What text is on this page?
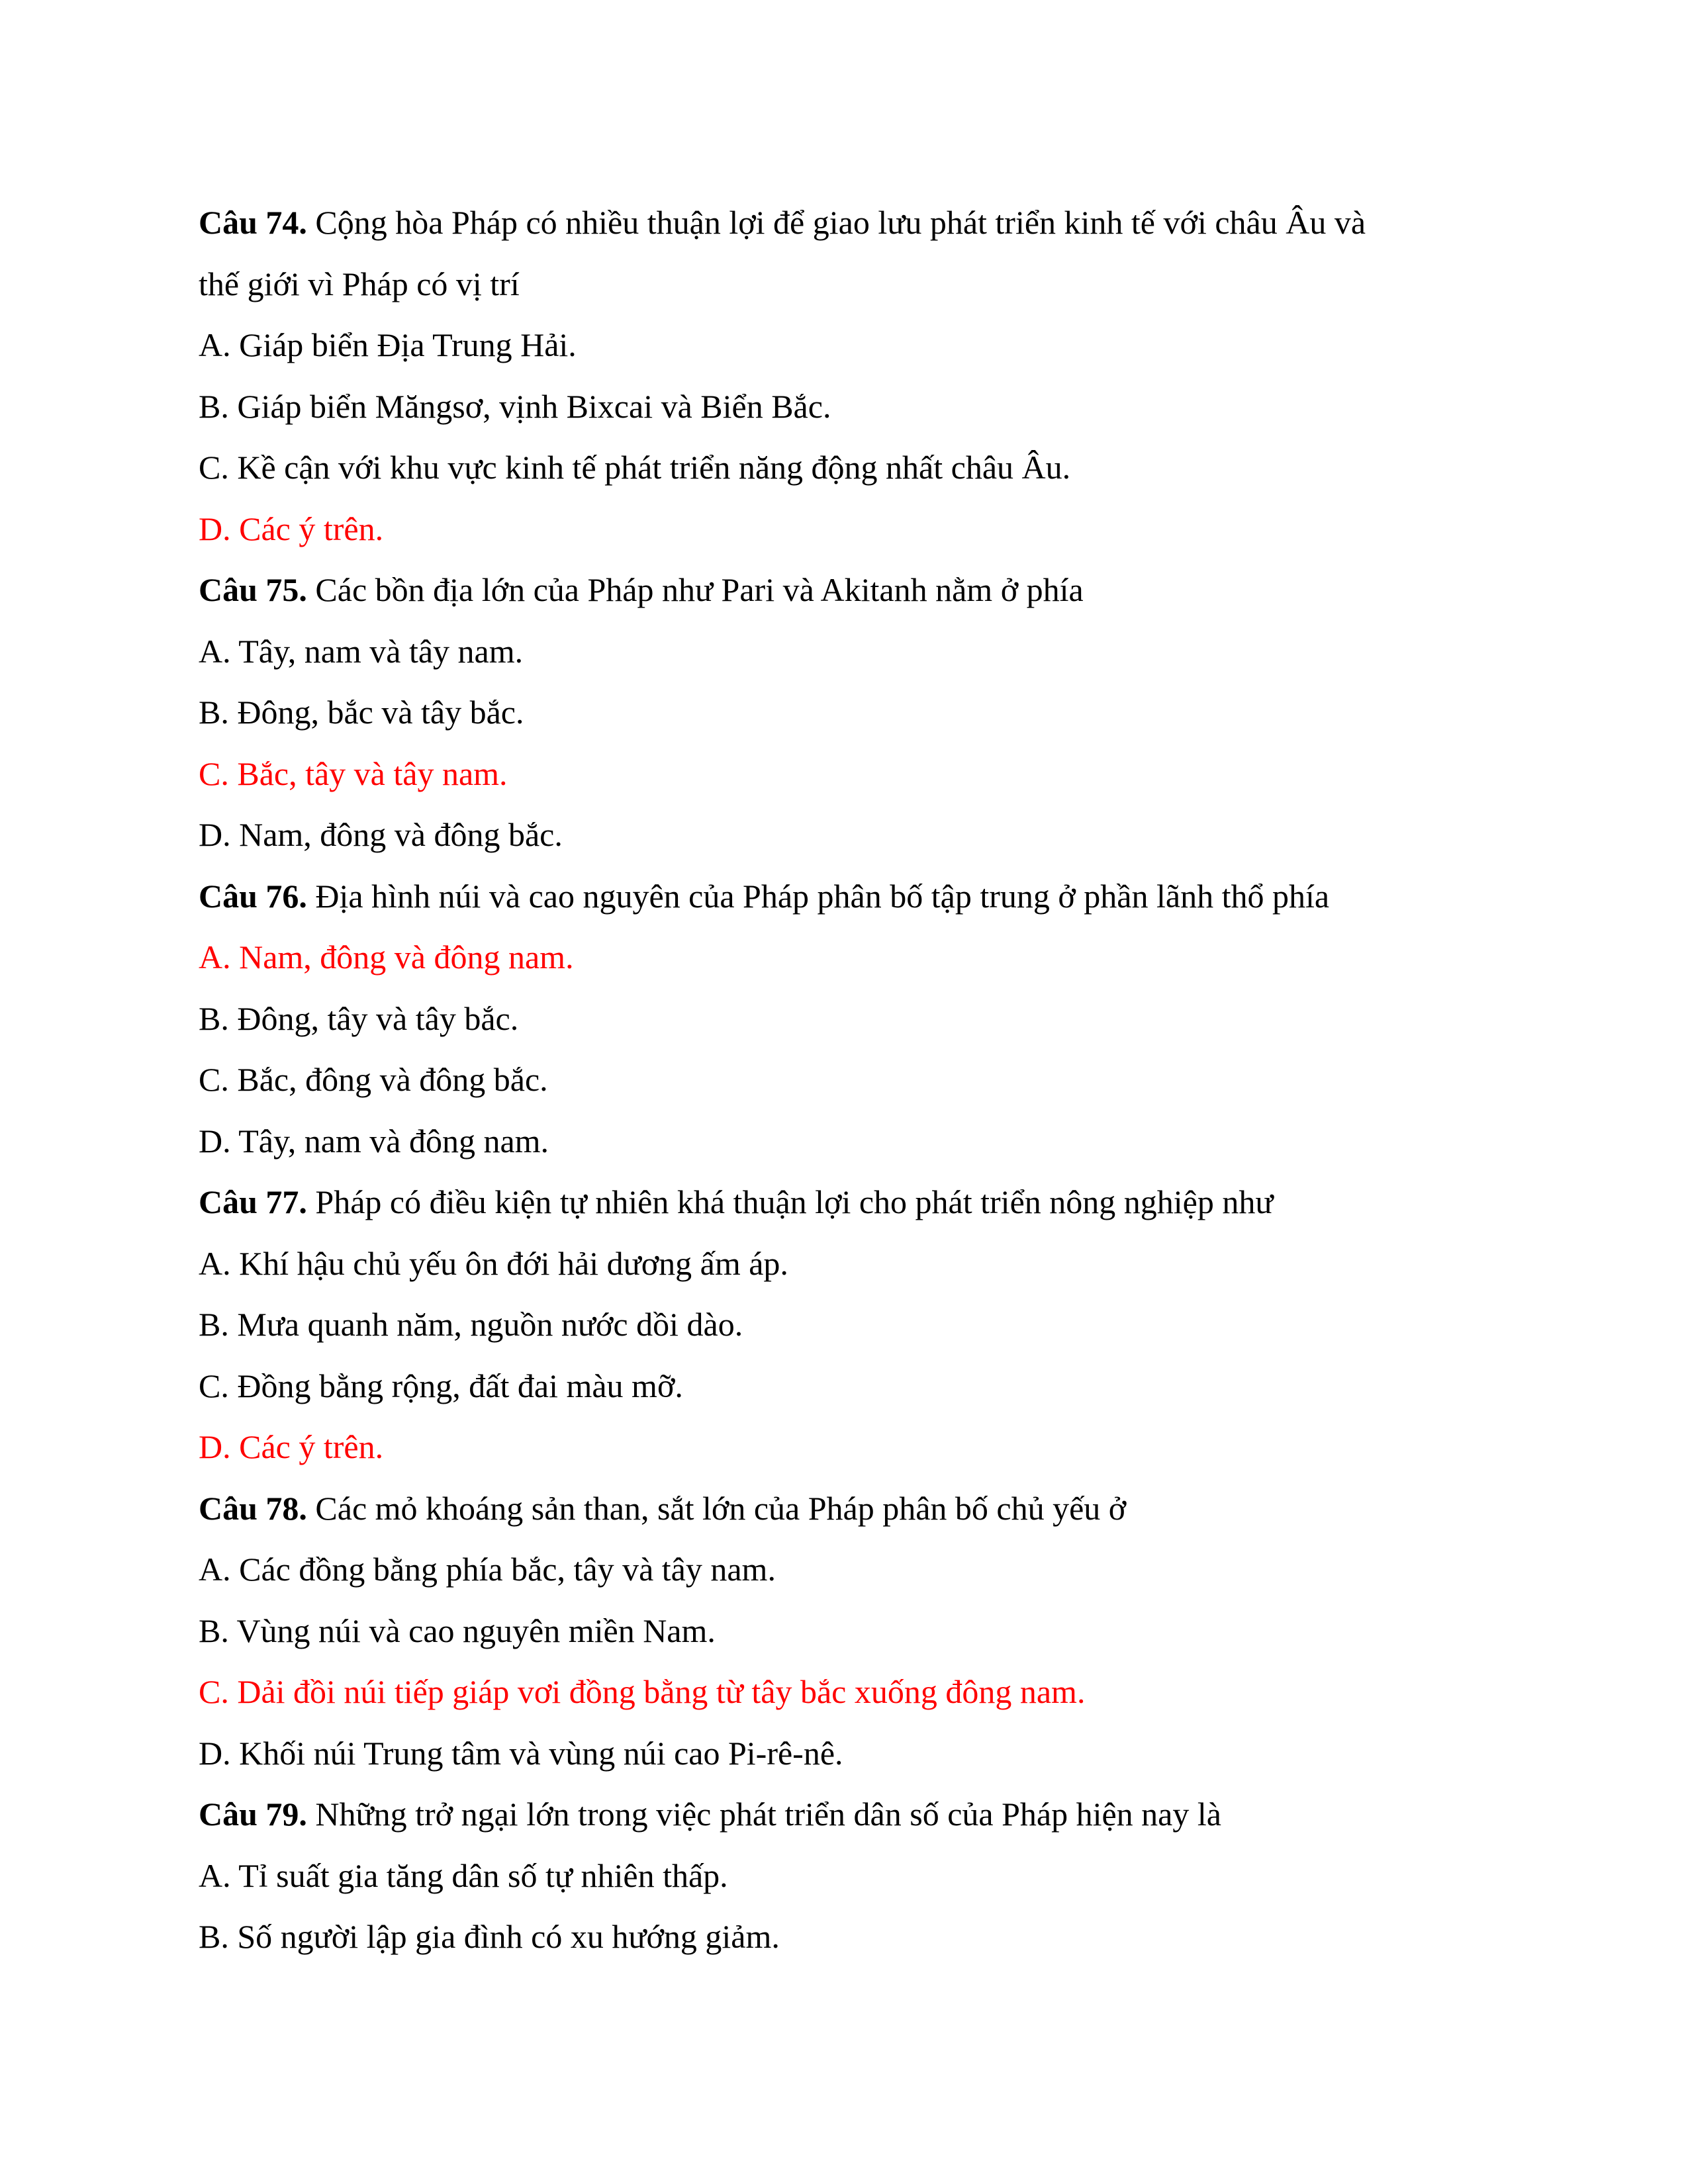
Câu 74. Cộng hòa Pháp có nhiều thuận lợi để giao lưu phát triển kinh tế với châu Âu và
thế giới vì Pháp có vị trí
A. Giáp biển Địa Trung Hải.
B. Giáp biển Măngsơ, vịnh Bixcai và Biển Bắc.
C. Kề cận với khu vực kinh tế phát triển năng động nhất châu Âu.
D. Các ý trên.
Câu 75. Các bồn địa lớn của Pháp như Pari và Akitanh nằm ở phía
A. Tây, nam và tây nam.
B. Đông, bắc và tây bắc.
C. Bắc, tây và tây nam.
D. Nam, đông và đông bắc.
Câu 76. Địa hình núi và cao nguyên của Pháp phân bố tập trung ở phần lãnh thổ phía
A. Nam, đông và đông nam.
B. Đông, tây và tây bắc.
C. Bắc, đông và đông bắc.
D. Tây, nam và đông nam.
Câu 77. Pháp có điều kiện tự nhiên khá thuận lợi cho phát triển nông nghiệp như
A. Khí hậu chủ yếu ôn đới hải dương ấm áp.
B. Mưa quanh năm, nguồn nước dồi dào.
C. Đồng bằng rộng, đất đai màu mỡ.
D. Các ý trên.
Câu 78. Các mỏ khoáng sản than, sắt lớn của Pháp phân bố chủ yếu ở
A. Các đồng bằng phía bắc, tây và tây nam.
B. Vùng núi và cao nguyên miền Nam.
C. Dải đồi núi tiếp giáp vơi đồng bằng từ tây bắc xuống đông nam.
D. Khối núi Trung tâm và vùng núi cao Pi-rê-nê.
Câu 79. Những trở ngại lớn trong việc phát triển dân số của Pháp hiện nay là
A. Tỉ suất gia tăng dân số tự nhiên thấp.
B. Số người lập gia đình có xu hướng giảm.
